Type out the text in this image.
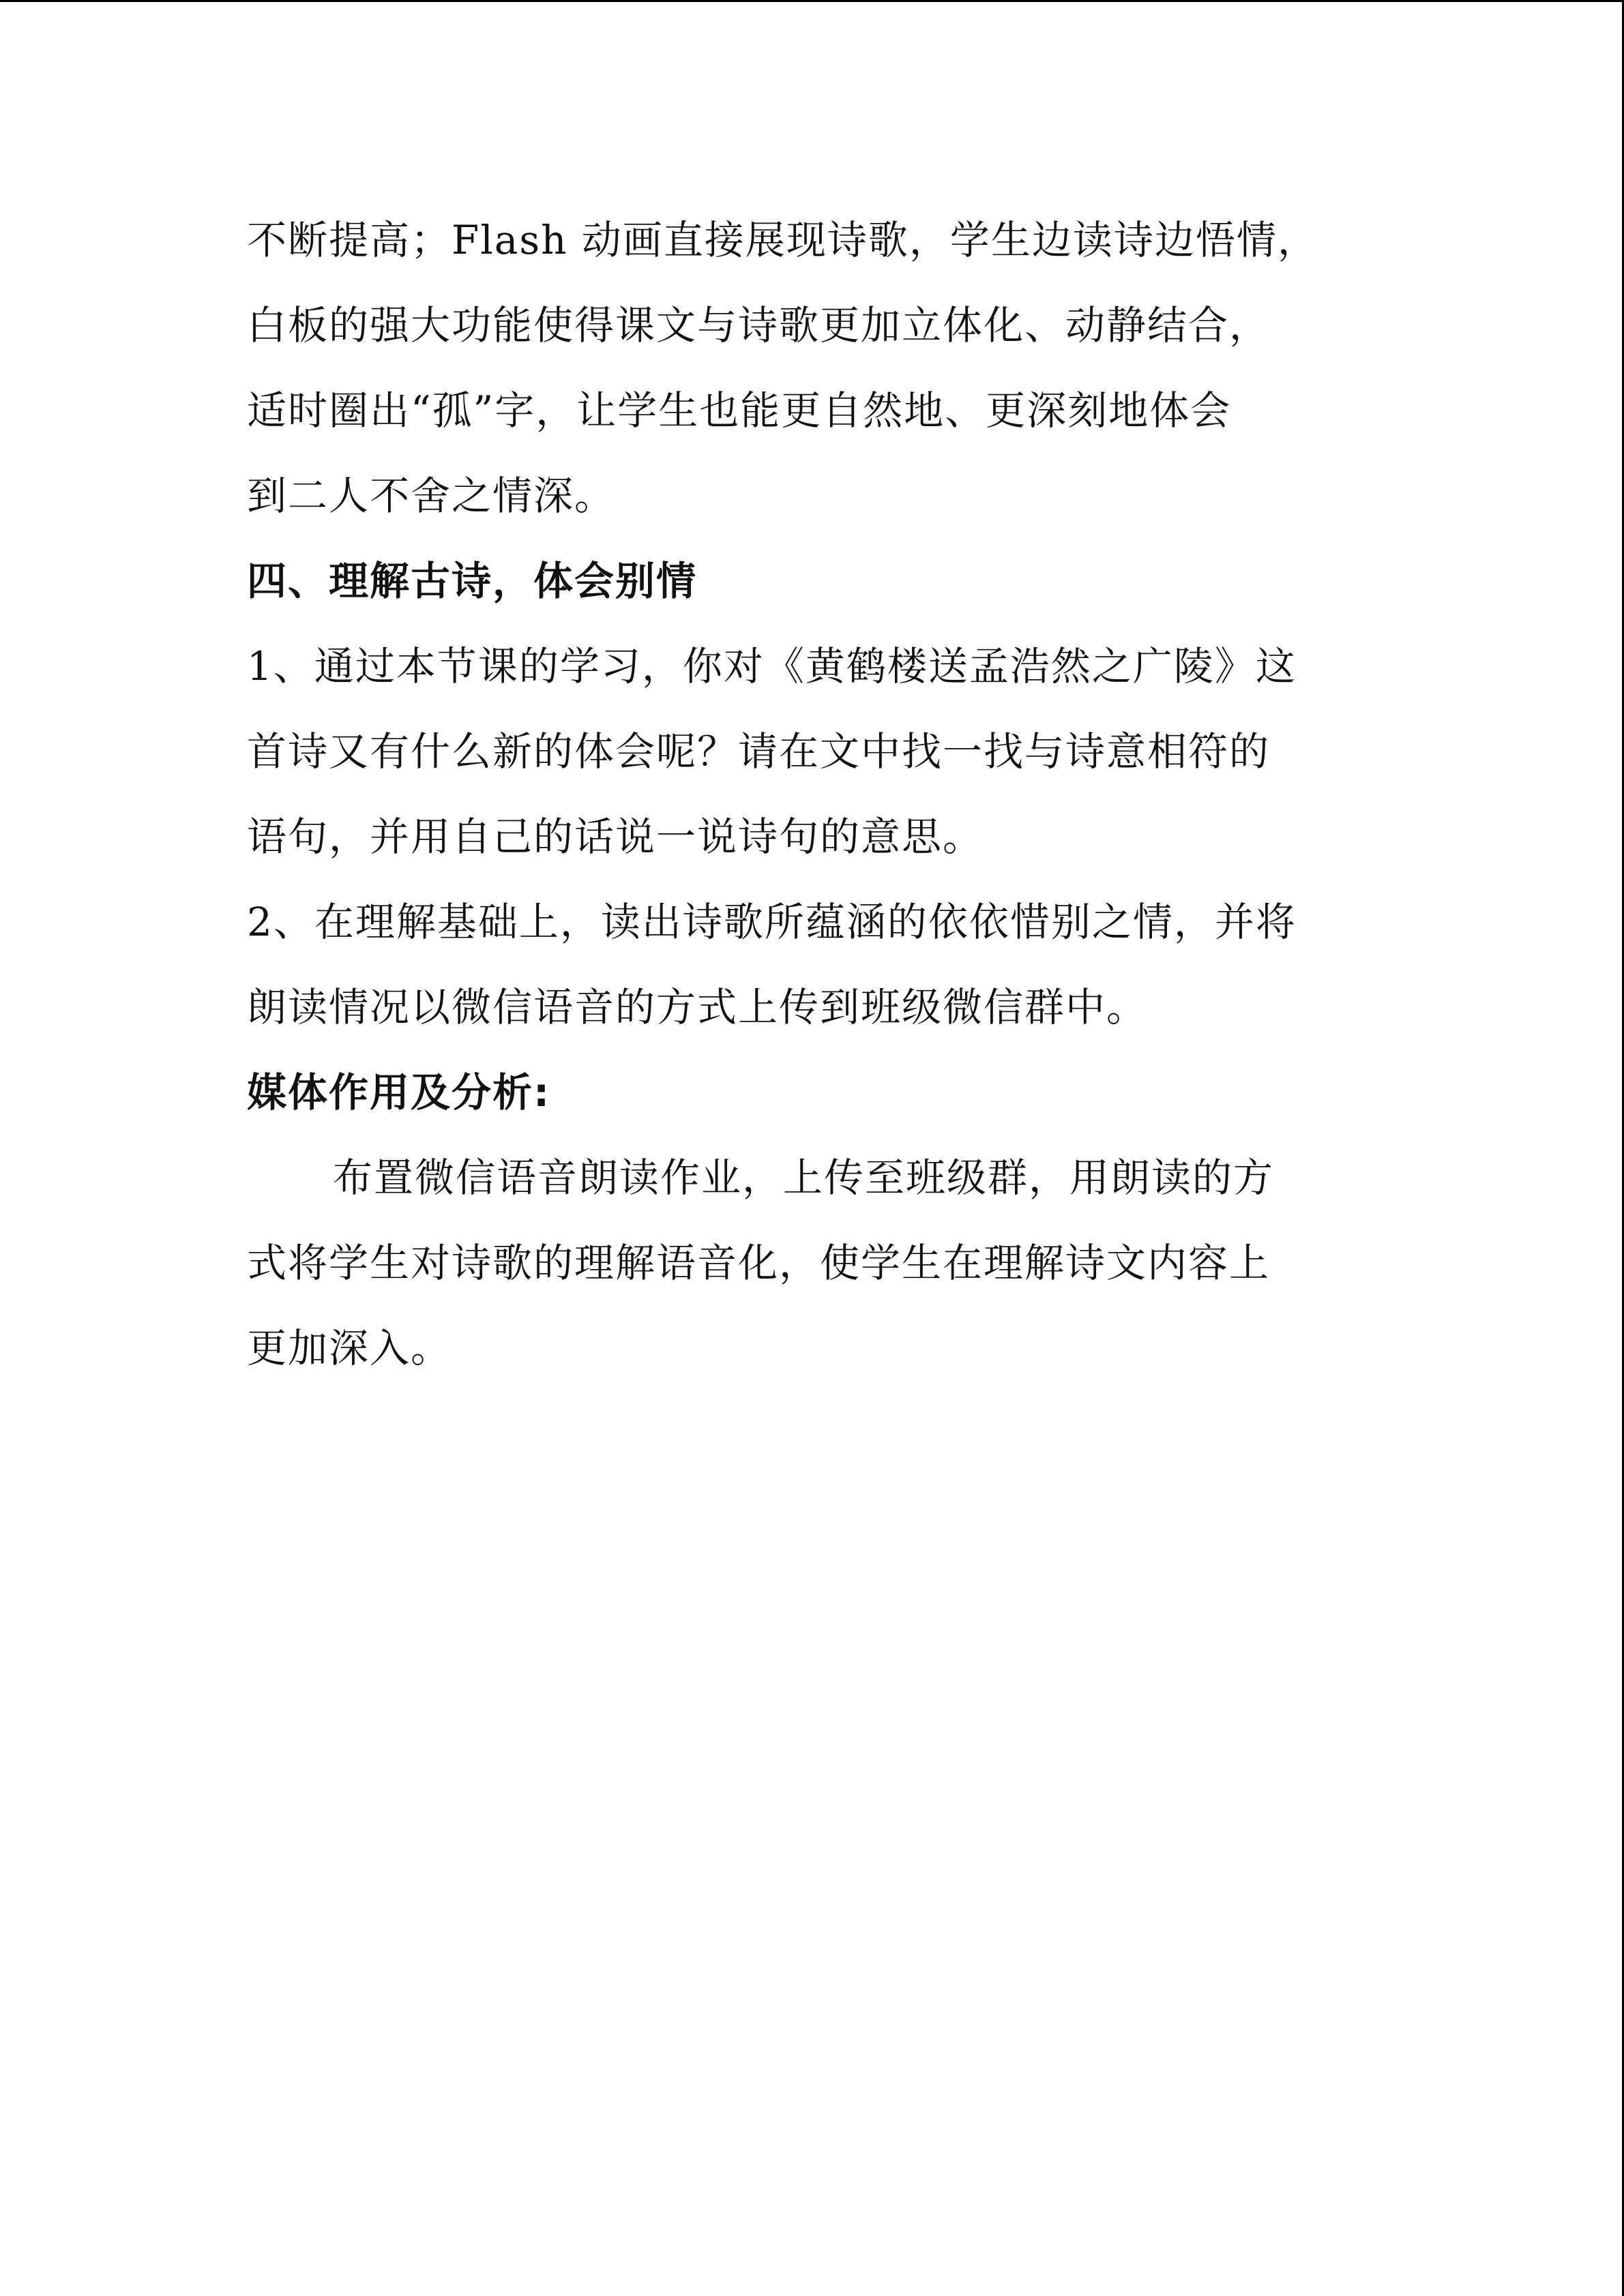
不断提高；Flash 动画直接展现诗歌，学生边读诗边悟情，
白板的强大功能使得课文与诗歌更加立体化、动静结合，
适时圈出“孤”字，让学生也能更自然地、更深刻地体会
到二人不舍之情深。
四、理解古诗，体会别情
1、通过本节课的学习，你对《黄鹤楼送孟浩然之广陵》这
首诗又有什么新的体会呢？请在文中找一找与诗意相符的
语句，并用自己的话说一说诗句的意思。
2、在理解基础上，读出诗歌所蕴涵的依依惜别之情，并将
朗读情况以微信语音的方式上传到班级微信群中。
媒体作用及分析:
布置微信语音朗读作业，上传至班级群，用朗读的方
式将学生对诗歌的理解语音化，使学生在理解诗文内容上
更加深入。
